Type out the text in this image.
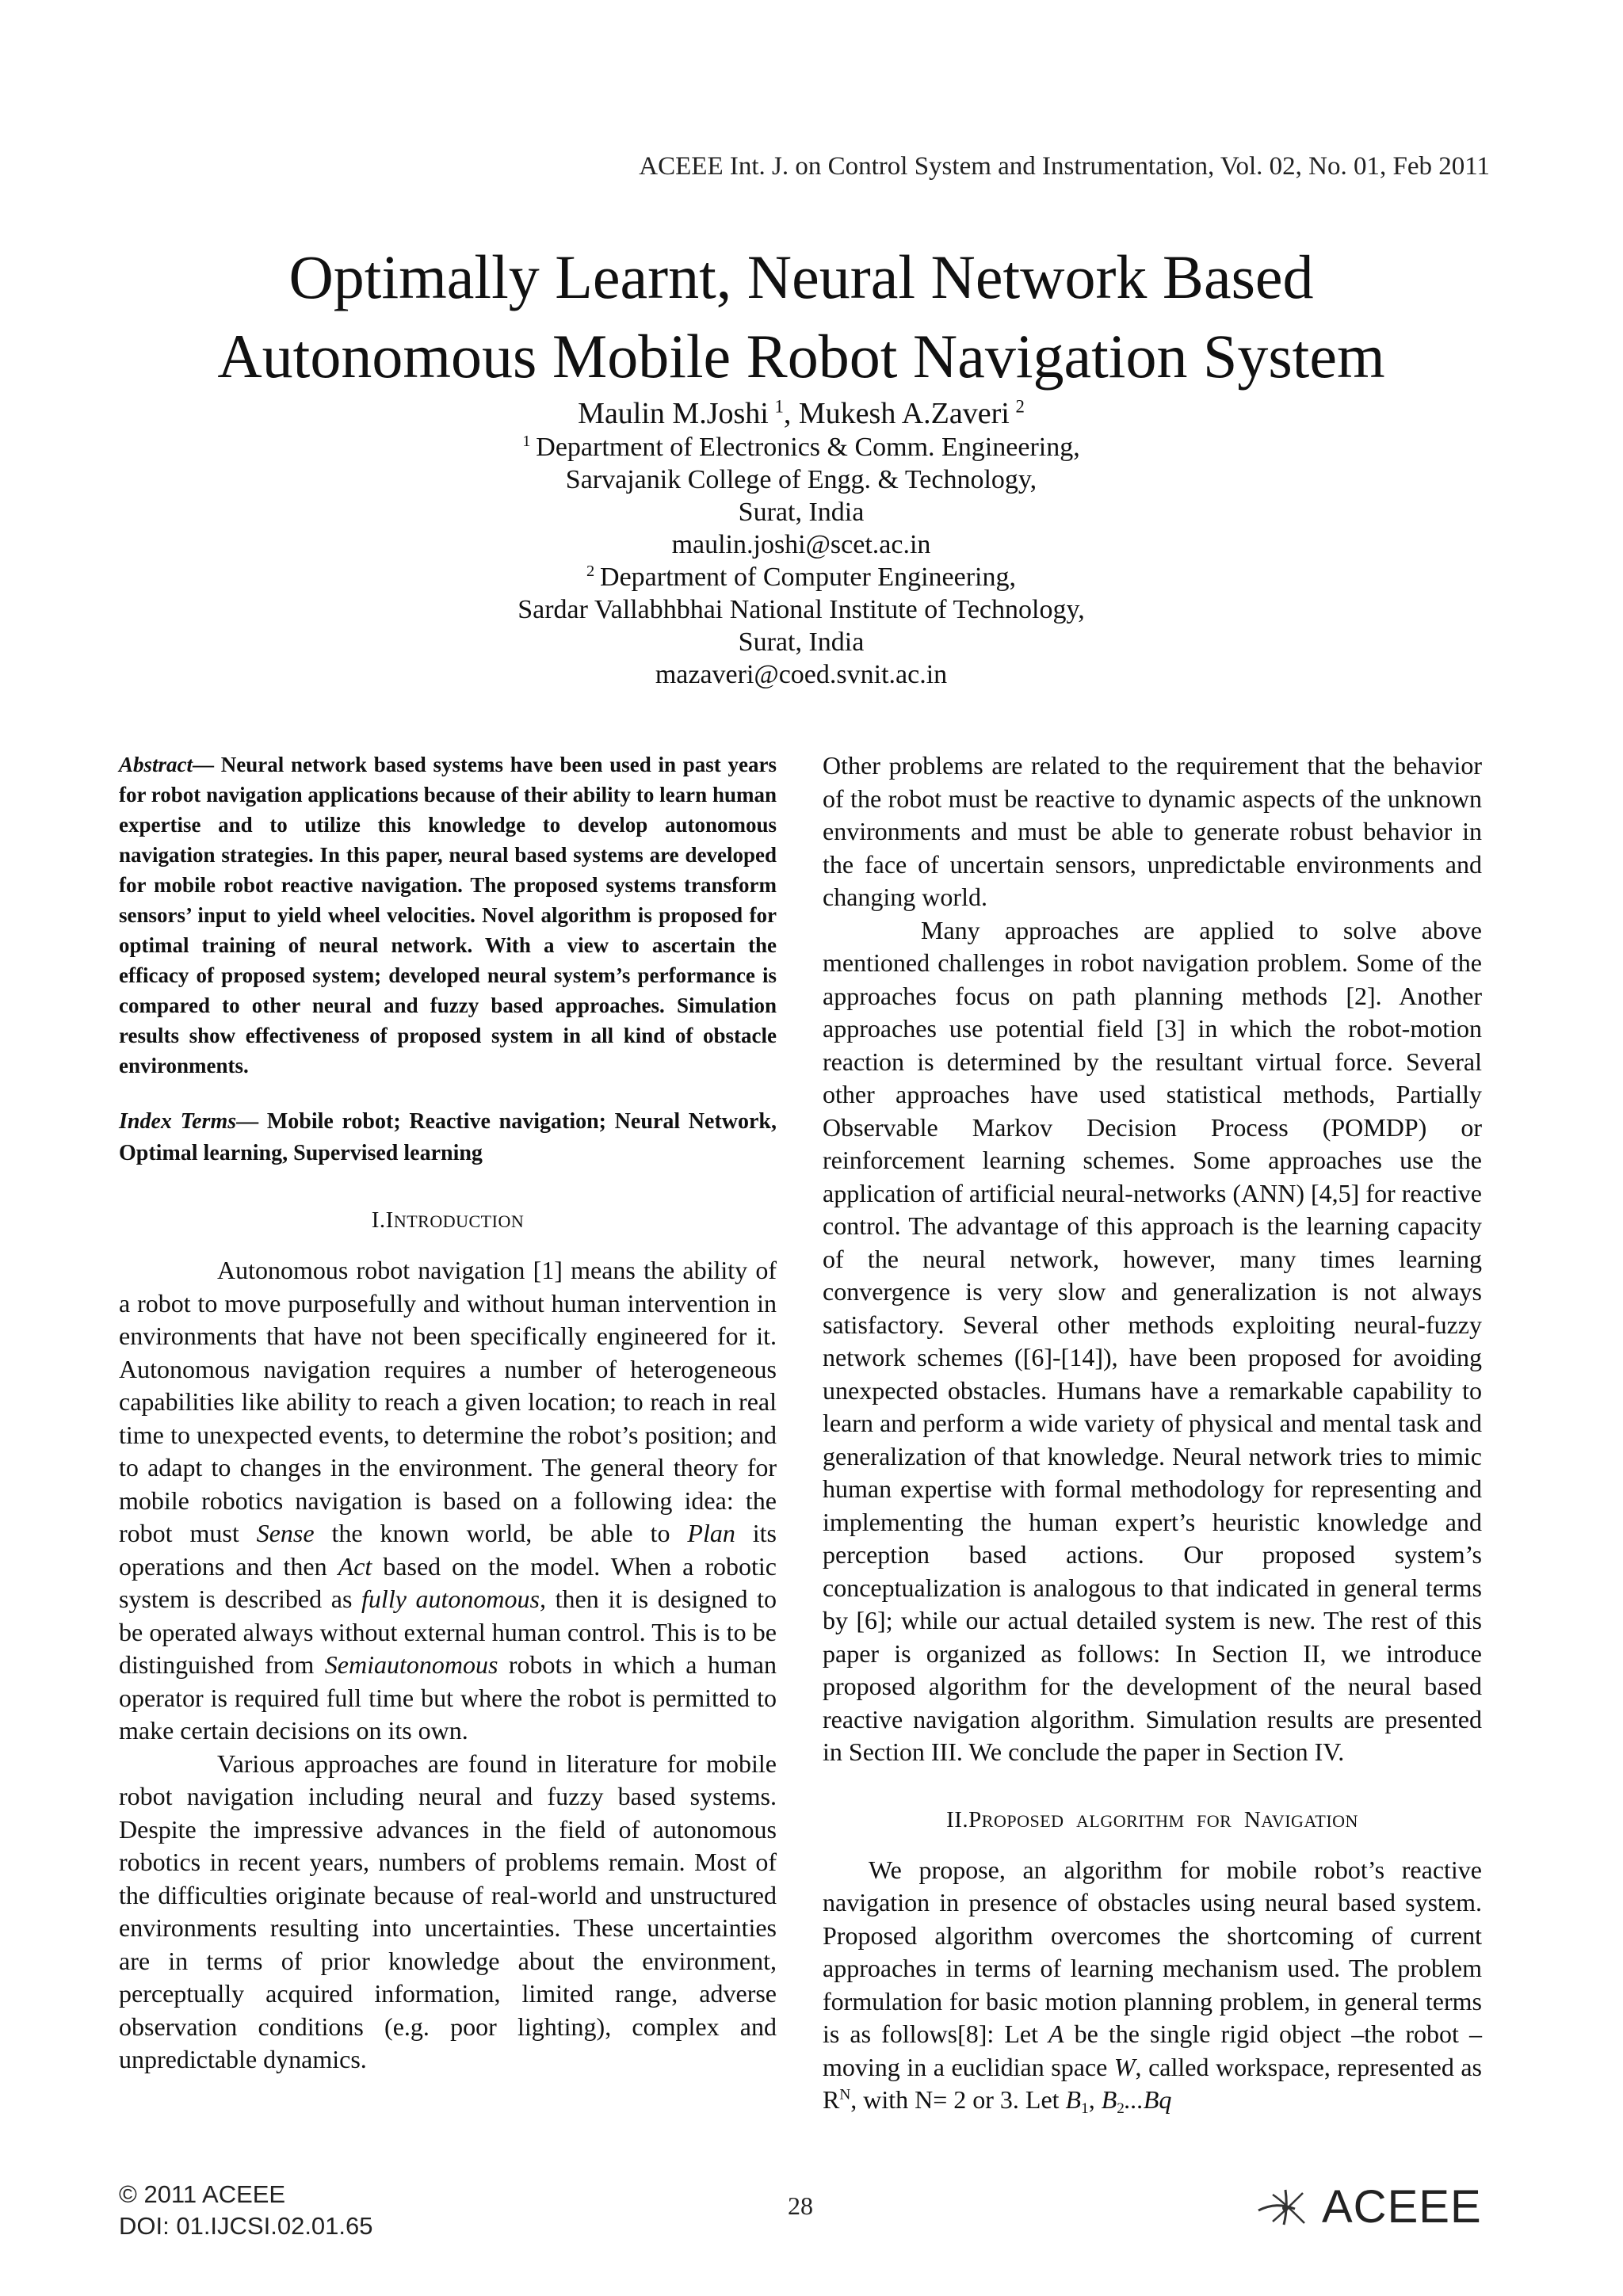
ACEEE Int. J. on Control System and Instrumentation, Vol. 02, No. 01, Feb 2011
Optimally Learnt, Neural Network Based
Autonomous Mobile Robot Navigation System
Maulin M.Joshi  $^1$, Mukesh A.Zaveri  $^2$
$^1$  Department of Electronics & Comm. Engineering,
Sarvajanik College of Engg. & Technology,
Surat, India
maulin.joshi@scet.ac.in
$^2$  Department of Computer Engineering,
Sardar Vallabhbhai National Institute of Technology,
Surat, India
mazaveri@coed.svnit.ac.in

Abstract— Neural network based systems have been used in past years for robot navigation applications because of their ability to learn human expertise and to utilize this knowledge to develop autonomous navigation strategies. In this paper, neural based systems are developed for mobile robot reactive navigation. The proposed systems transform sensors’ input to yield wheel velocities. Novel algorithm is proposed for optimal training of neural network. With a view to ascertain the efficacy of proposed system; developed neural system’s performance is compared to other neural and fuzzy based approaches. Simulation results show effectiveness of proposed system in all kind of obstacle environments.

Index Terms— Mobile robot; Reactive navigation; Neural Network, Optimal learning, Supervised learning

I.INTRODUCTION

Autonomous robot navigation [1] means the ability of a robot to move purposefully and without human intervention in environments that have not been specifically engineered for it. Autonomous navigation requires a number of heterogeneous capabilities like ability to reach a given location; to reach in real time to unexpected events, to determine the robot’s position; and to adapt to changes in the environment. The general theory for mobile robotics navigation is based on a following idea: the robot must Sense the known world, be able to Plan its operations and then Act based on the model. When a robotic system is described as fully autonomous, then it is designed to be operated always without external human control. This is to be distinguished from Semiautonomous robots in which a human operator is required full time but where the robot is permitted to make certain decisions on its own.

Various approaches are found in literature for mobile robot navigation including neural and fuzzy based systems. Despite the impressive advances in the field of autonomous robotics in recent years, numbers of problems remain. Most of the difficulties originate because of real-world and unstructured environments resulting into uncertainties. These uncertainties are in terms of prior knowledge about the environment, perceptually acquired information, limited range, adverse observation conditions (e.g. poor lighting), complex and unpredictable dynamics.

Other problems are related to the requirement that the behavior of the robot must be reactive to dynamic aspects of the unknown environments and must be able to generate robust behavior in the face of uncertain sensors, unpredictable environments and changing world.

Many approaches are applied to solve above mentioned challenges in robot navigation problem. Some of the approaches focus on path planning methods [2]. Another approaches use potential field [3] in which the robot-motion reaction is determined by the resultant virtual force. Several other approaches have used statistical methods, Partially Observable Markov Decision Process (POMDP) or reinforcement learning schemes. Some approaches use the application of artificial neural-networks (ANN) [4,5] for reactive control. The advantage of this approach is the learning capacity of the neural network, however, many times learning convergence is very slow and generalization is not always satisfactory. Several other methods exploiting neural-fuzzy network schemes ([6]-[14]), have been proposed for avoiding unexpected obstacles. Humans have a remarkable capability to learn and perform a wide variety of physical and mental task and generalization of that knowledge. Neural network tries to mimic human expertise with formal methodology for representing and implementing the human expert’s heuristic knowledge and perception based actions. Our proposed system’s conceptualization is analogous to that indicated in general terms by [6]; while our actual detailed system is new. The rest of this paper is organized as follows: In Section II, we introduce proposed algorithm for the development of the neural based reactive navigation algorithm. Simulation results are presented in Section III. We conclude the paper in Section IV.

II.PROPOSED ALGORITHM FOR NAVIGATION

We propose, an algorithm for mobile robot’s reactive navigation in presence of obstacles using neural based system. Proposed algorithm overcomes the shortcoming of current approaches in terms of learning mechanism used. The problem formulation for basic motion planning problem, in general terms is as follows[8]: Let A be the single rigid object –the robot – moving in a euclidian space W, called workspace, represented as $R^N$, with N= 2 or 3. Let $B_1$, $B_2...Bq$

© 2011 ACEEE
DOI: 01.IJCSI.02.01.65
28	ACEEE
